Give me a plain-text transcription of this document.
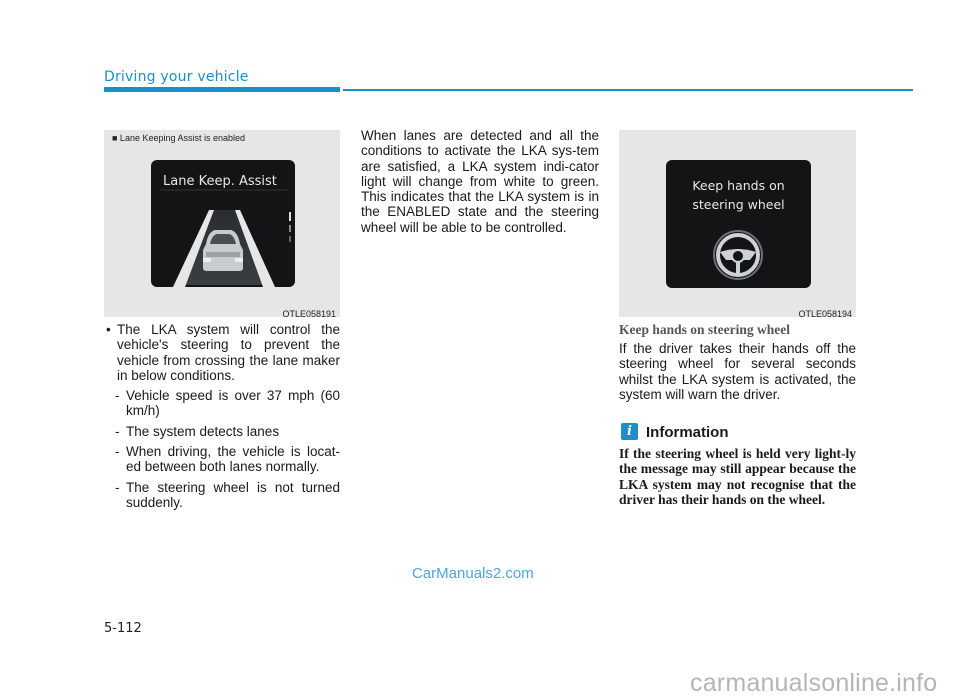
Driving your vehicle
■ Lane Keeping Assist is enabled
Lane Keep. Assist
OTLE058191
• The LKA system will control the vehicle's steering to prevent the vehicle from crossing the lane maker in below conditions.
- Vehicle speed is over 37 mph (60 km/h)
- The system detects lanes
- When driving, the vehicle is locat-ed between both lanes normally.
- The steering wheel is not turned suddenly.
When lanes are detected and all the conditions to activate the LKA sys-tem are satisfied, a LKA system indi-cator light will change from white to green. This indicates that the LKA system is in the ENABLED state and the steering wheel will be able to be controlled.
Keep hands on
steering wheel
OTLE058194
Keep hands on steering wheel
If the driver takes their hands off the steering wheel for several seconds whilst the LKA system is activated, the system will warn the driver.
i Information
If the steering wheel is held very light-ly the message may still appear because the LKA system may not recognise that the driver has their hands on the wheel.
CarManuals2.com
5-112
carmanualsonline.info
